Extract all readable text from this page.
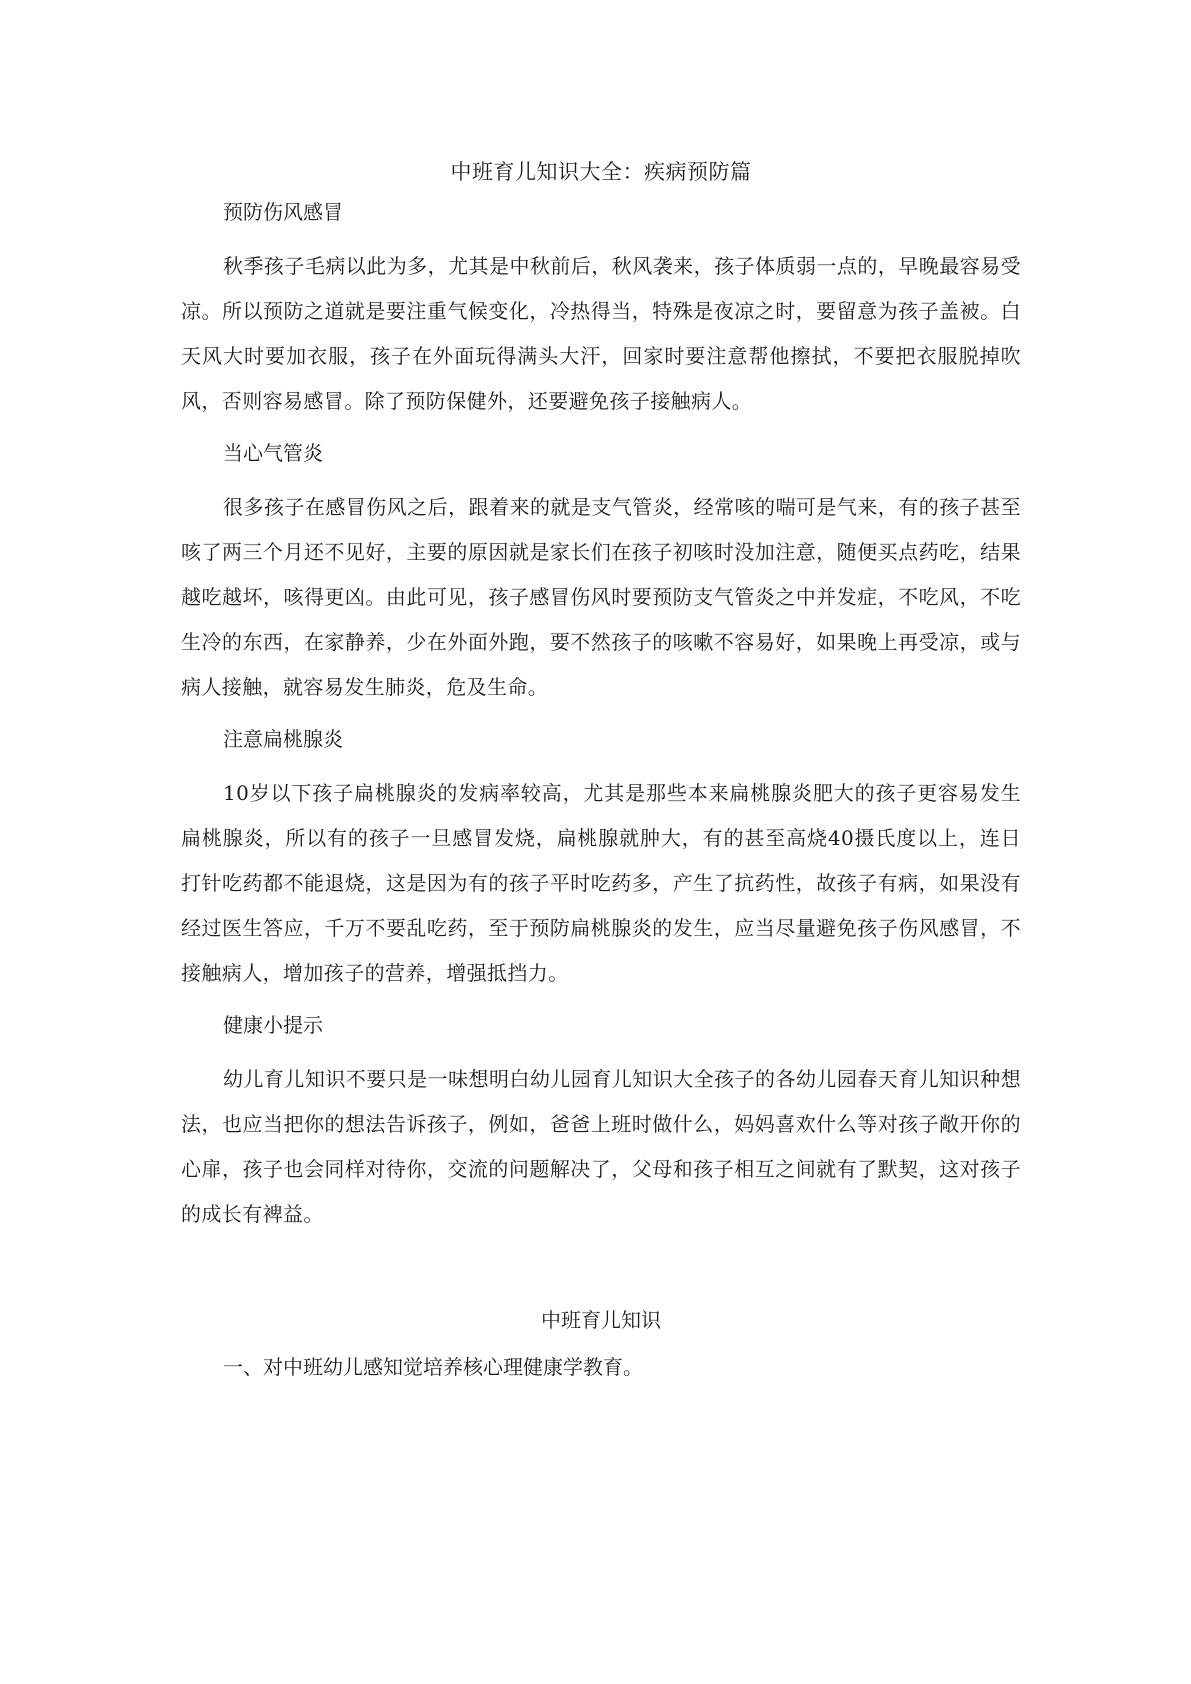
中班育儿知识大全：疾病预防篇
预防伤风感冒
秋季孩子毛病以此为多，尤其是中秋前后，秋风袭来，孩子体质弱一点的，早晚最容易受凉。所以预防之道就是要注重气候变化，冷热得当，特殊是夜凉之时，要留意为孩子盖被。白天风大时要加衣服，孩子在外面玩得满头大汗，回家时要注意帮他擦拭，不要把衣服脱掉吹风，否则容易感冒。除了预防保健外，还要避免孩子接触病人。
当心气管炎
很多孩子在感冒伤风之后，跟着来的就是支气管炎，经常咳的喘可是气来，有的孩子甚至咳了两三个月还不见好，主要的原因就是家长们在孩子初咳时没加注意，随便买点药吃，结果越吃越坏，咳得更凶。由此可见，孩子感冒伤风时要预防支气管炎之中并发症，不吃风，不吃生冷的东西，在家静养，少在外面外跑，要不然孩子的咳嗽不容易好，如果晚上再受凉，或与病人接触，就容易发生肺炎，危及生命。
注意扁桃腺炎
10岁以下孩子扁桃腺炎的发病率较高，尤其是那些本来扁桃腺炎肥大的孩子更容易发生扁桃腺炎，所以有的孩子一旦感冒发烧，扁桃腺就肿大，有的甚至高烧40摄氏度以上，连日打针吃药都不能退烧，这是因为有的孩子平时吃药多，产生了抗药性，故孩子有病，如果没有经过医生答应，千万不要乱吃药，至于预防扁桃腺炎的发生，应当尽量避免孩子伤风感冒，不接触病人，增加孩子的营养，增强抵挡力。
健康小提示
幼儿育儿知识不要只是一味想明白幼儿园育儿知识大全孩子的各幼儿园春天育儿知识种想法，也应当把你的想法告诉孩子，例如，爸爸上班时做什么，妈妈喜欢什么等对孩子敞开你的心扉，孩子也会同样对待你，交流的问题解决了，父母和孩子相互之间就有了默契，这对孩子的成长有裨益。
中班育儿知识
一、对中班幼儿感知觉培养核心理健康学教育。
